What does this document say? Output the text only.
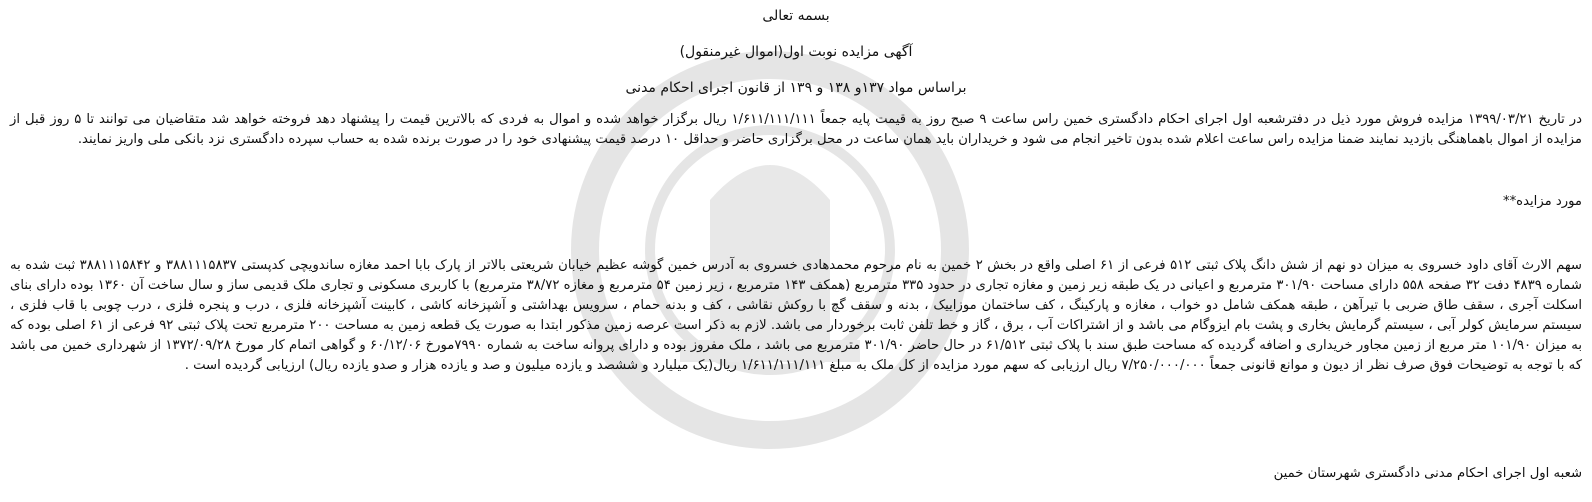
بسمه تعالی
آگهی مزایده نوبت اول(اموال غیرمنقول)
براساس مواد ۱۳۷و ۱۳۸ و ۱۳۹ از قانون اجرای احکام مدنی
در تاریخ ۱۳۹۹/۰۳/۲۱ مزایده فروش مورد ذیل در دفترشعبه اول اجرای احکام دادگستری خمین راس ساعت ۹ صبح روز به قیمت پایه جمعاً ۱/۶۱۱/۱۱۱/۱۱۱ ریال برگزار خواهد شده و اموال به فردی که بالاترین قیمت را پیشنهاد دهد فروخته خواهد شد متقاضیان می توانند تا ۵ روز قبل از مزایده از اموال باهماهنگی بازدید نمایند ضمنا مزایده راس ساعت اعلام شده بدون تاخیر انجام می شود و خریداران باید همان ساعت در محل برگزاری حاضر و حداقل ۱۰ درصد قیمت پیشنهادی خود را در صورت برنده شده به حساب سپرده دادگستری نزد بانکی ملی واریز نمایند.
مورد مزایده**
سهم الارث آقای داود خسروی به میزان دو نهم از شش دانگ پلاک ثبتی ۵۱۲ فرعی از ۶۱ اصلی واقع در بخش ۲ خمین به نام مرحوم محمدهادی خسروی به آدرس خمین گوشه عظیم خیابان شریعتی بالاتر از پارک بابا احمد مغازه ساندویچی کدپستی ۳۸۸۱۱۱۵۸۳۷ و ۳۸۸۱۱۱۵۸۴۲ ثبت شده به شماره ۴۸۳۹ دفت ۳۲ صفحه ۵۵۸ دارای مساحت ۳۰۱/۹۰ مترمربع و اعیانی در یک طبقه زیر زمین و مغازه تجاری در حدود ۳۳۵ مترمربع (همکف ۱۴۳ مترمربع ، زیر زمین ۵۴ مترمربع و مغازه ۳۸/۷۲ مترمربع) با کاربری مسکونی و تجاری ملک قدیمی ساز و سال ساخت آن ۱۳۶۰ بوده دارای بنای اسکلت آجری ، سقف طاق ضربی با تیرآهن ، طبقه همکف شامل دو خواب ، مغازه و پارکینگ ، کف ساختمان موزاییک ، بدنه و سقف گچ با روکش نقاشی ، کف و بدنه حمام ، سرویس بهداشتی و آشپزخانه کاشی ، کابینت آشپزخانه فلزی ، درب و پنجره فلزی ، درب چوبی با قاب فلزی ، سیستم سرمایش کولر آبی ، سیستم گرمایش بخاری و پشت بام ایزوگام می باشد و از اشتراکات آب ، برق ، گاز و خط تلفن ثابت برخوردار می باشد. لازم به ذکر است عرصه زمین مذکور ابتدا به صورت یک قطعه زمین به مساحت ۲۰۰ مترمربع تحت پلاک ثبتی ۹۲ فرعی از ۶۱ اصلی بوده که به میزان ۱۰۱/۹۰ متر مربع از زمین مجاور خریداری و اضافه گردیده که مساحت طبق سند با پلاک ثبتی ۶۱/۵۱۲ در حال حاضر ۳۰۱/۹۰ مترمربع می باشد ، ملک مفروز بوده و دارای پروانه ساخت به شماره ۷۹۹۰مورخ ۶۰/۱۲/۰۶ و گواهی اتمام کار مورخ ۱۳۷۲/۰۹/۲۸ از شهرداری خمین می باشد که با توجه به توضیحات فوق صرف نظر از دیون و موانع قانونی جمعاً ۷/۲۵۰/۰۰۰/۰۰۰ ریال ارزیابی که سهم مورد مزایده از کل ملک به مبلغ ۱/۶۱۱/۱۱۱/۱۱۱ ریال(یک میلیارد و ششصد و یازده میلیون و صد و یازده هزار و صدو یازده ریال) ارزیابی گردیده است .
شعبه اول اجرای احکام مدنی دادگستری شهرستان خمین
